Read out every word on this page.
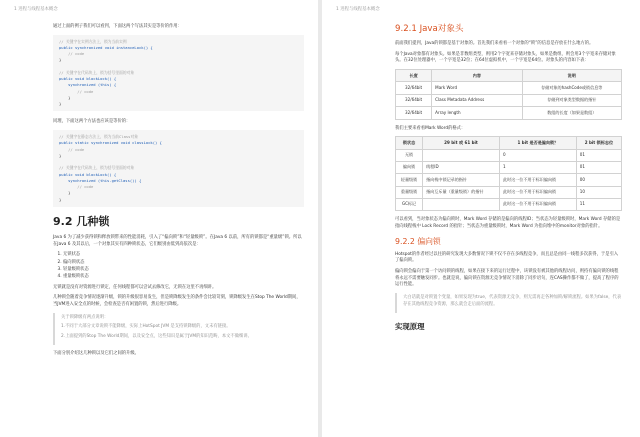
1 进程与线程基本概念

通过上面的例子我们可以看到，下面这两个写法其实是等价的作用：

// 关键字在实例方法上，锁为当前实例
public synchronized void instanceLock() {
// code
}

// 关键字在代码块上，锁为括号里面的对象
public void blockLock() {
synchronized (this) {
// code
}
}

同理，下面这两个方法也应该是等价的：

// 关键字在静态方法上，锁为当前Class对象
public static synchronized void classLock() {
// code
}

// 关键字在代码块上，锁为括号里面的对象
public void blockLock() {
synchronized (this.getClass()) {
// code
}
}
9.2 几种锁

Java 6 为了减少获得锁和释放锁带来的性能消耗，引入了“偏向锁”和“轻量级锁”。在Java 6 以前，所有的锁都是“重量级”锁。所以在Java 6 及其以后，一个对象其实有四种锁状态，它们级别由低到高依次是：

1. 无锁状态
2. 偏向锁状态
3. 轻量级锁状态
4. 重量级锁状态

无锁就是没有对资源进行锁定，任何线程都可以尝试去修改它，无锁在这里不再细讲。

几种锁会随着竞争情况逐渐升级，锁的升级很容易发生，但是锁降级发生的条件会比较苛刻，锁降级发生在Stop The World期间，当JVM进入安全点的时候，会检查是否有闲置的锁，然后进行降级。

关于锁降级有两点说明：

1.不同于大部分文章说锁不能降级，实际上HotSpot JVM 是支持锁降级的，文末有链接。

2.上面提到的Stop The World期间，以及安全点，这些知识是属于JVM的知识范畴，本文不做细讲。

下面分别介绍这几种锁以及它们之间的升级。

1 进程与线程基本概念
9.2.1 Java对象头

前面我们提到，Java的锁都是基于对象的。首先我们来看看一个对象的“锁”的信息是存放在什么地方的。

每个Java对象都有对象头。如果是非数组类型，则用2个字宽来存储对象头，如果是数组，则会用3个字宽来存储对象头。在32位处理器中，一个字宽是32位；在64位虚拟机中，一个字宽是64位。对象头的内容如下表：

长度	内容	说明
32/64bit	Mark Word	存储对象的hashCode或锁信息等
32/64bit	Class Metadata Address	存储到对象类型数据的指针
32/64bit	Array length	数组的长度（如果是数组）

我们主要来看看Mark Word的格式：

锁状态	29 bit 或 61 bit	1 bit 是否是偏向锁？	2 bit 锁标志位
无锁		0	01
偏向锁	线程ID	1	01
轻量级锁	指向栈中锁记录的指针	此时这一位不用于标识偏向锁	00
重量级锁	指向互斥量（重量级锁）的指针	此时这一位不用于标识偏向锁	10
GC标记		此时这一位不用于标识偏向锁	11

可以看到，当对象状态为偏向锁时，Mark Word 存储的是偏向的线程ID；当状态为轻量级锁时，Mark Word 存储的是指向线程栈中 Lock Record 的指针；当状态为重量级锁时，Mark Word 为指向堆中的monitor对象的指针。

9.2.2 偏向锁

Hotspot的作者经过以往的研究发现大多数情况下锁不仅不存在多线程竞争，而且总是由同一线程多次获得，于是引入了偏向锁。

偏向锁会偏向于第一个访问锁的线程，如果在接下来的运行过程中，该锁没有被其他的线程访问，则持有偏向锁的线程将永远不需要触发同步。也就是说，偏向锁在资源无竞争情况下消除了同步语句，连CAS操作都不做了，提高了程序的运行性能。

大白话就是对锁置个变量，如果发现为true，代表资源无竞争，则无需再走各种加锁/解锁流程。如果为false，代表存在其他线程竞争资源，那么就会走后面的流程。

实现原理
